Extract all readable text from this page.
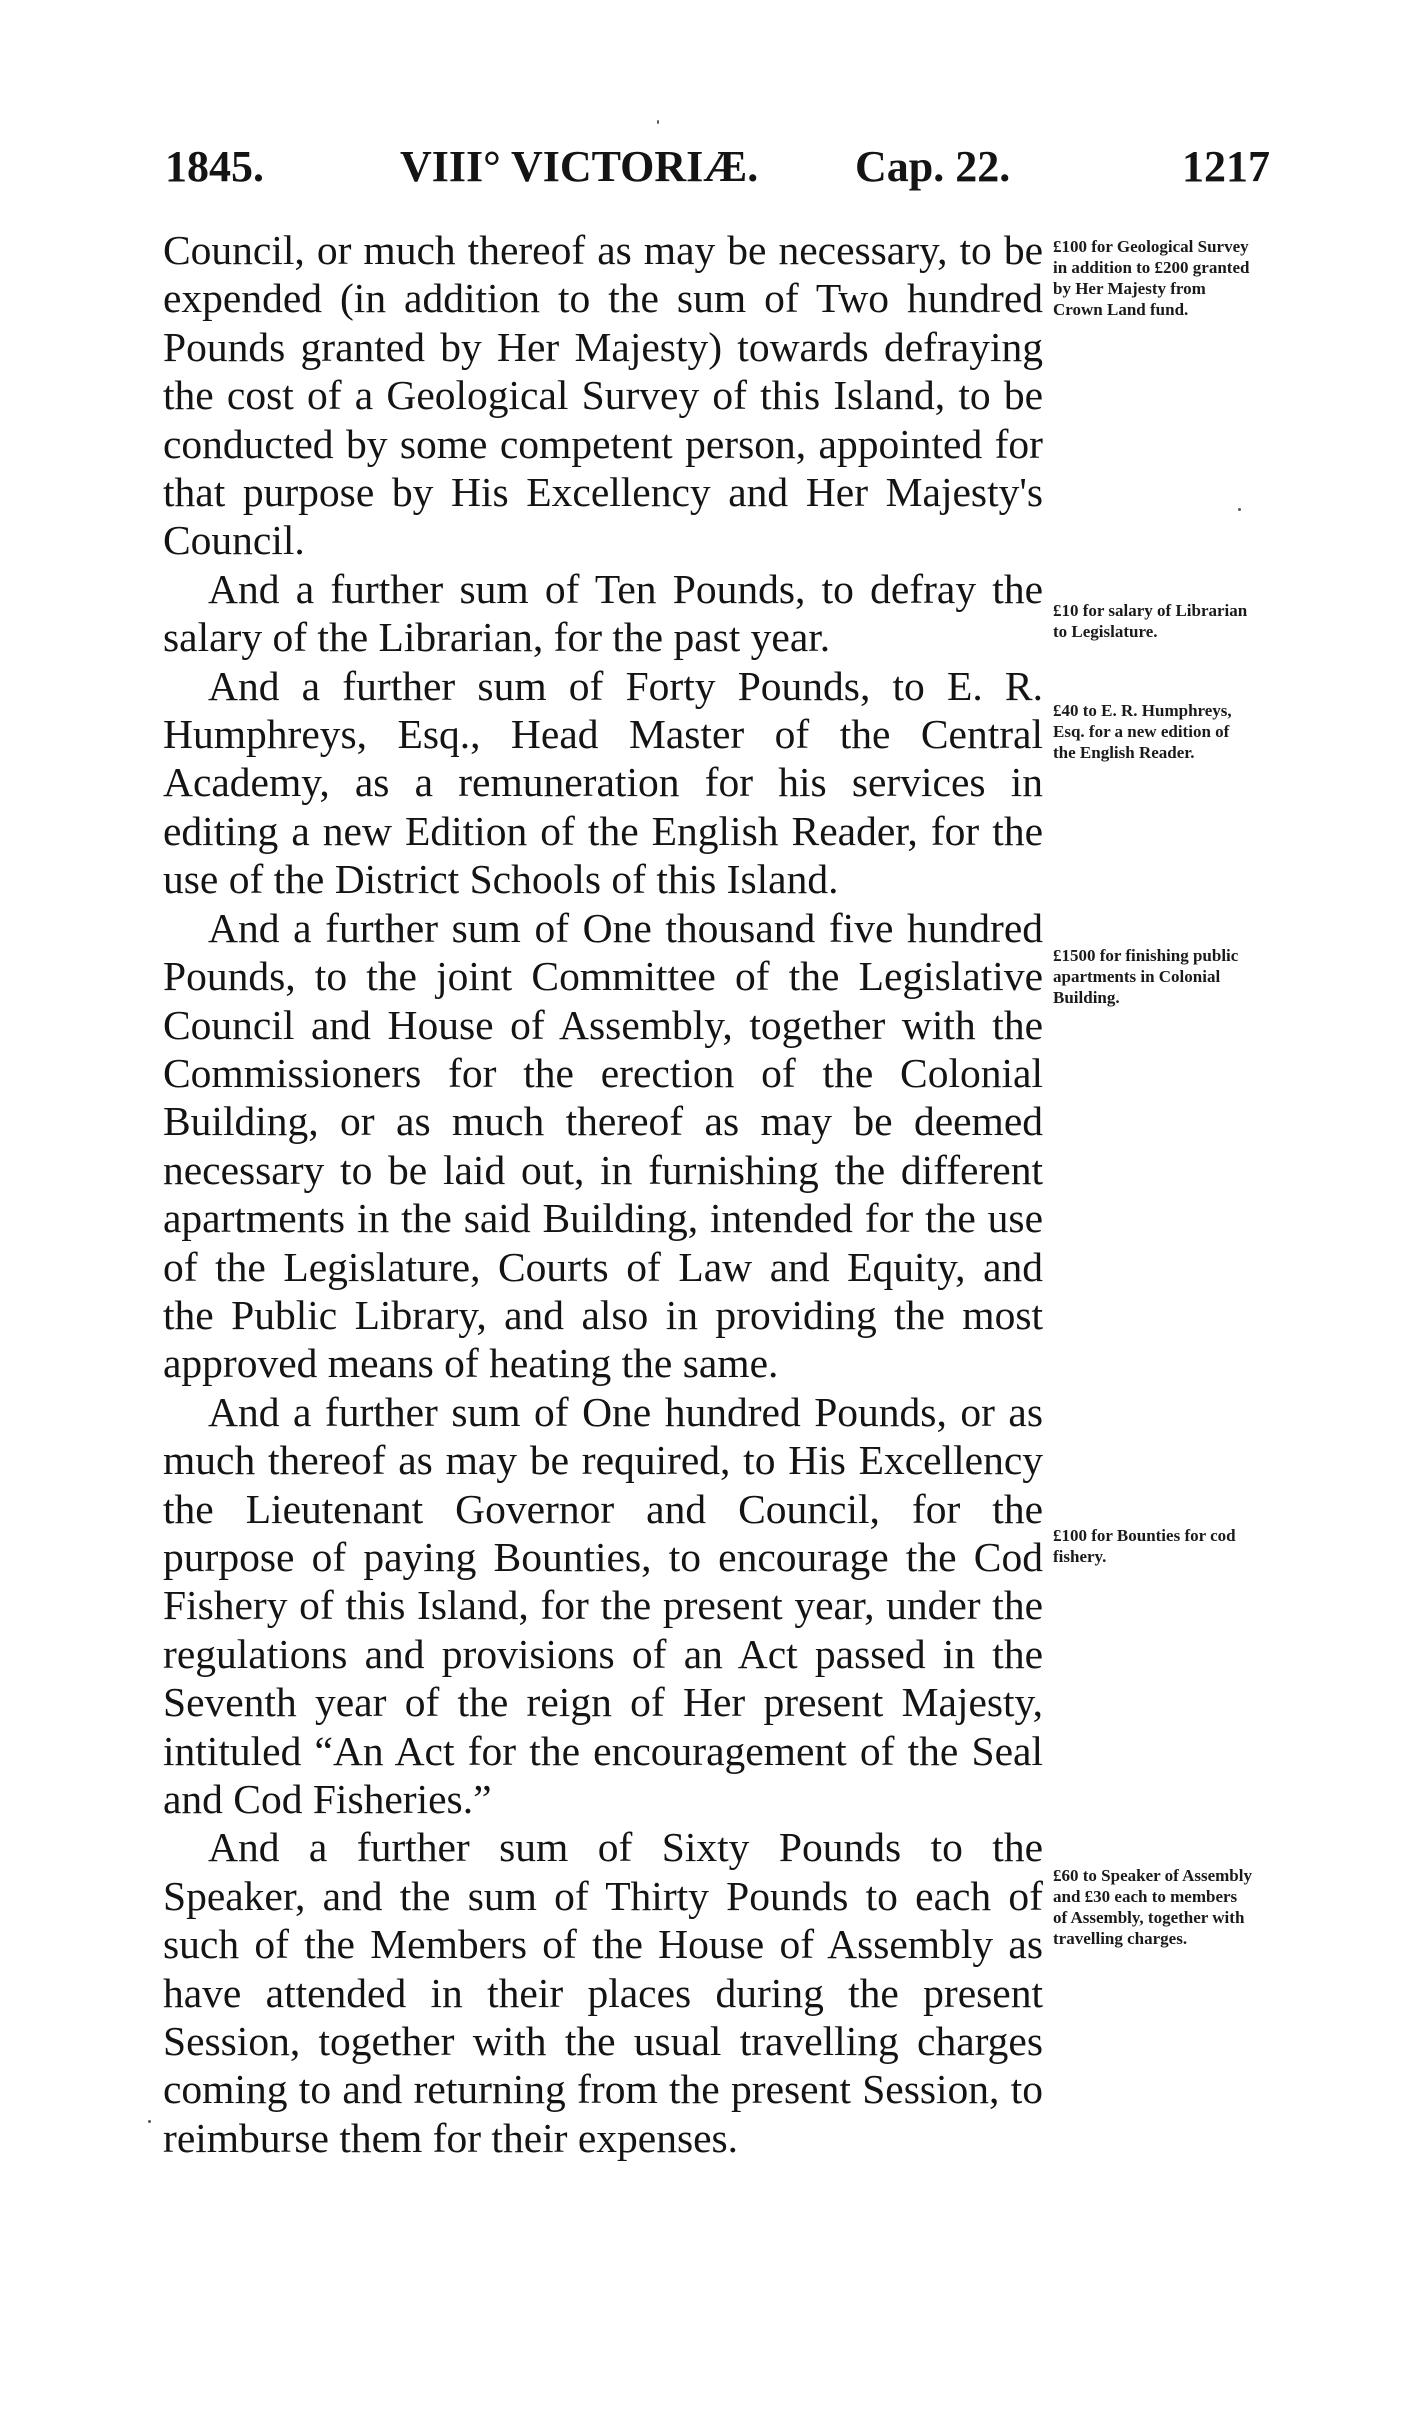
1845.	VIII° VICTORIÆ. Cap. 22.	1217

Council, or much thereof as may be necessary, to be expended (in addition to the sum of Two hundred Pounds granted by Her Majesty) towards defraying the cost of a Geological Survey of this Island, to be conducted by some competent person, appointed for that purpose by His Excellency and Her Majesty's Council.

And a further sum of Ten Pounds, to defray the salary of the Librarian, for the past year.

And a further sum of Forty Pounds, to E. R. Humphreys, Esq., Head Master of the Central Academy, as a remuneration for his services in editing a new Edition of the English Reader, for the use of the District Schools of this Island.

And a further sum of One thousand five hundred Pounds, to the joint Committee of the Legislative Council and House of Assembly, together with the Commissioners for the erection of the Colonial Building, or as much thereof as may be deemed necessary to be laid out, in furnishing the different apartments in the said Building, intended for the use of the Legislature, Courts of Law and Equity, and the Public Library, and also in providing the most approved means of heating the same.

And a further sum of One hundred Pounds, or as much thereof as may be required, to His Excellency the Lieutenant Governor and Council, for the purpose of paying Bounties, to encourage the Cod Fishery of this Island, for the present year, under the regulations and provisions of an Act passed in the Seventh year of the reign of Her present Majesty, intituled “An Act for the encouragement of the Seal and Cod Fisheries.”

And a further sum of Sixty Pounds to the Speaker, and the sum of Thirty Pounds to each of such of the Members of the House of Assembly as have attended in their places during the present Session, together with the usual travelling charges coming to and returning from the present Session, to reimburse them for their expenses.

£100 for Geological Survey in addition to £200 granted by Her Majesty from Crown Land fund.
£10 for salary of Librarian to Legislature.
£40 to E. R. Humphreys, Esq. for a new edition of the English Reader.
£1500 for finishing public apartments in Colonial Building.
£100 for Bounties for cod fishery.
£60 to Speaker of Assembly and £30 each to members of Assembly, together with travelling charges.
